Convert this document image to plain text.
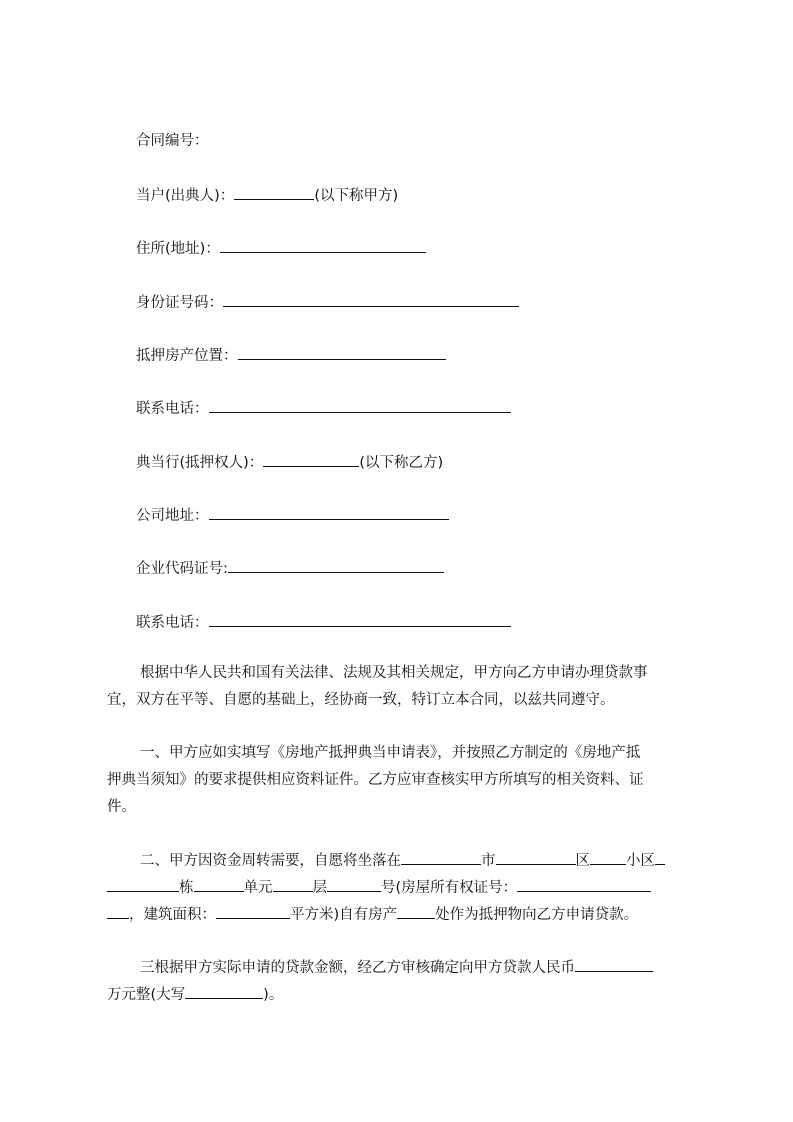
合同编号：
当户(出典人)：	(以下称甲方)
住所(地址)：
身份证号码：
抵押房产位置：
联系电话：
典当行(抵押权人)：	(以下称乙方)
公司地址：
企业代码证号:
联系电话：
根据中华人民共和国有关法律、法规及其相关规定，甲方向乙方申请办理贷款事
宜，双方在平等、自愿的基础上，经协商一致，特订立本合同，以兹共同遵守。
一、甲方应如实填写《房地产抵押典当申请表》，并按照乙方制定的《房地产抵
押典当须知》的要求提供相应资料证件。乙方应审查核实甲方所填写的相关资料、证
件。
二、甲方因资金周转需要，自愿将坐落在	市	区 小区
栋	单元	层	号(房屋所有权证号：
，建筑面积：	平方米)自有房产	处作为抵押物向乙方申请贷款。
三根据甲方实际申请的贷款金额，经乙方审核确定向甲方贷款人民币
万元整(大写	)。
